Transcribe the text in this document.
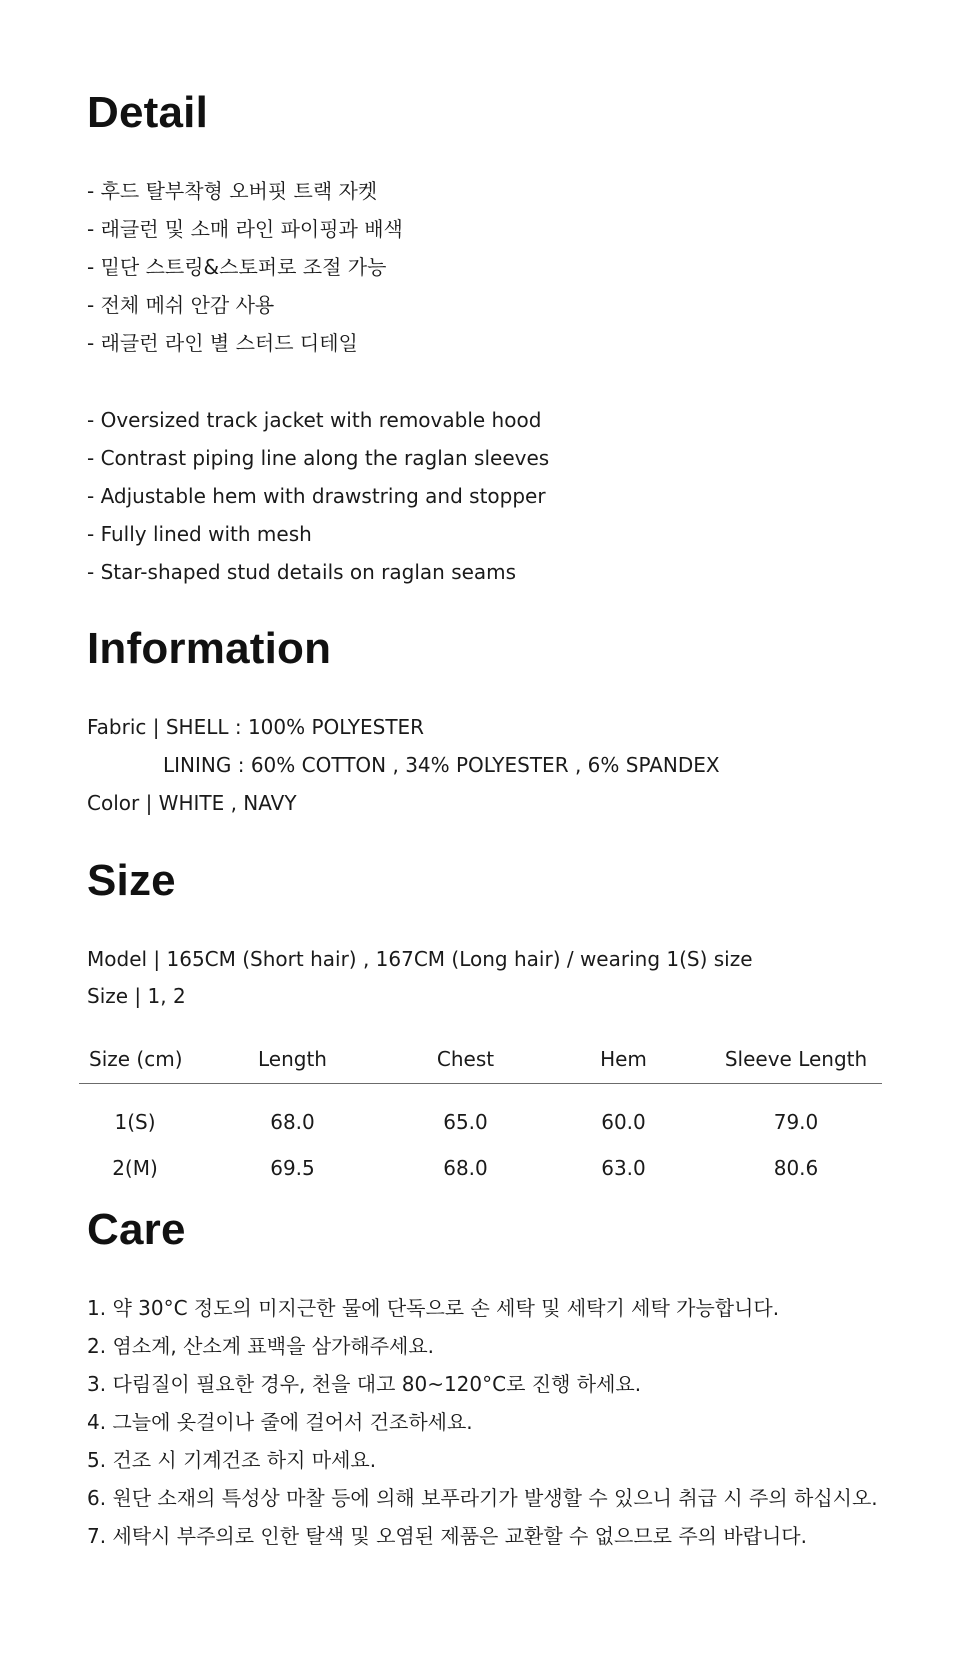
Detail
- 후드 탈부착형 오버핏 트랙 자켓
- 래글런 및 소매 라인 파이핑과 배색
- 밑단 스트링&스토퍼로 조절 가능
- 전체 메쉬 안감 사용
- 래글런 라인 별 스터드 디테일
- Oversized track jacket with removable hood
- Contrast piping line along the raglan sleeves
- Adjustable hem with drawstring and stopper
- Fully lined with mesh
- Star-shaped stud details on raglan seams
Information
Fabric | SHELL : 100% POLYESTER
LINING : 60% COTTON , 34% POLYESTER , 6% SPANDEX
Color | WHITE , NAVY
Size
Model | 165CM (Short hair) , 167CM (Long hair) / wearing 1(S) size
Size | 1, 2
Size (cm)	Length	Chest	Hem	Sleeve Length
1(S)	68.0	65.0	60.0	79.0
2(M)	69.5	68.0	63.0	80.6
Care
1. 약 30°C 정도의 미지근한 물에 단독으로 손 세탁 및 세탁기 세탁 가능합니다.
2. 염소계, 산소계 표백을 삼가해주세요.
3. 다림질이 필요한 경우, 천을 대고 80~120°C로 진행 하세요.
4. 그늘에 옷걸이나 줄에 걸어서 건조하세요.
5. 건조 시 기계건조 하지 마세요.
6. 원단 소재의 특성상 마찰 등에 의해 보푸라기가 발생할 수 있으니 취급 시 주의 하십시오.
7. 세탁시 부주의로 인한 탈색 및 오염된 제품은 교환할 수 없으므로 주의 바랍니다.
